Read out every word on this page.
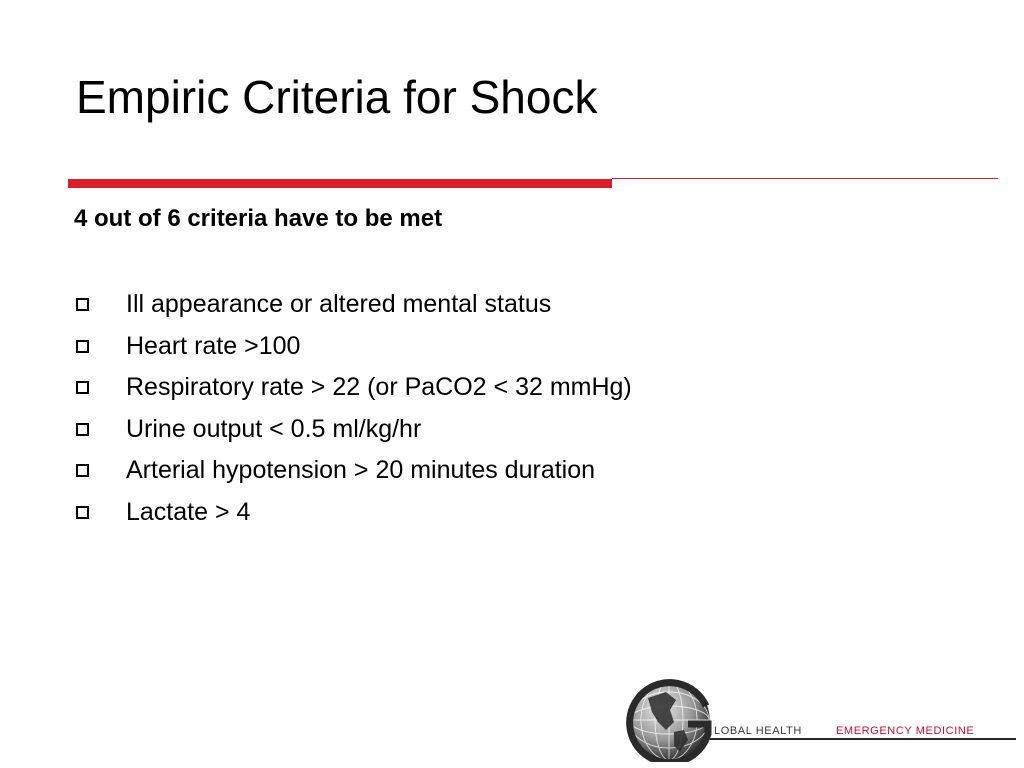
Empiric Criteria for Shock
4 out of 6 criteria have to be met
Ill appearance or altered mental status
Heart rate >100
Respiratory rate > 22 (or PaCO2 < 32 mmHg)
Urine output < 0.5 ml/kg/hr
Arterial hypotension > 20 minutes duration
Lactate > 4
LOBAL HEALTH	EMERGENCY MEDICINE
